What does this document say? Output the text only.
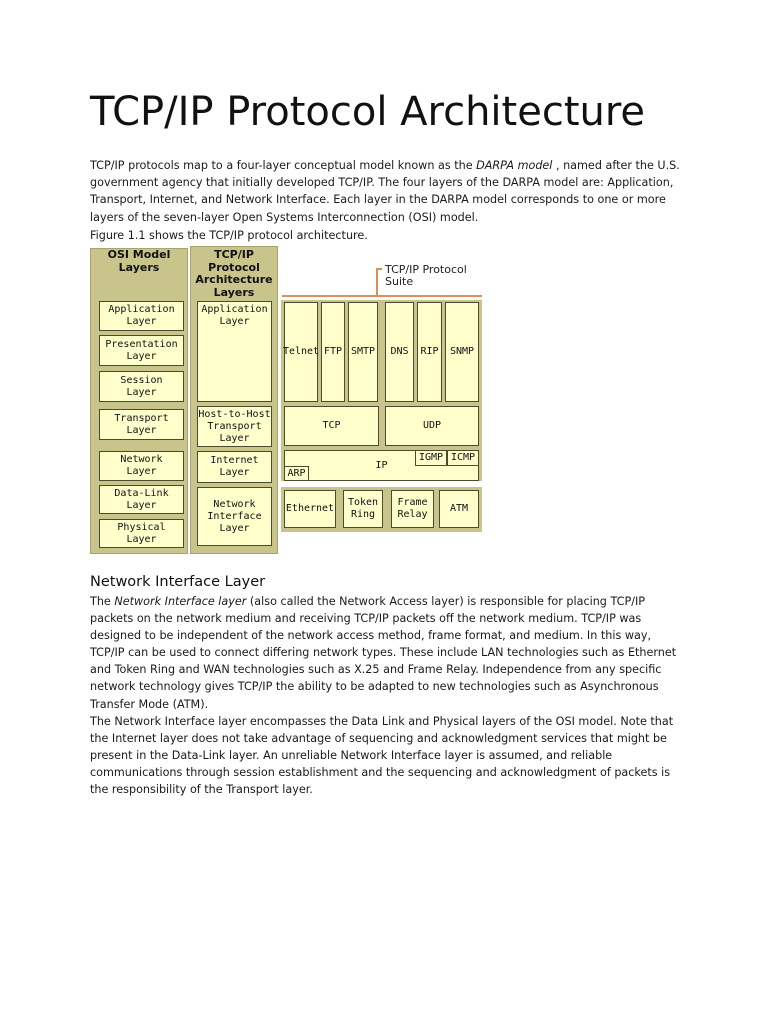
TCP/IP Protocol Architecture

TCP/IP protocols map to a four-layer conceptual model known as the DARPA model , named after the U.S. government agency that initially developed TCP/IP. The four layers of the DARPA model are: Application, Transport, Internet, and Network Interface. Each layer in the DARPA model corresponds to one or more layers of the seven-layer Open Systems Interconnection (OSI) model.

Figure 1.1 shows the TCP/IP protocol architecture.
OSI Model
Layers
Application
Layer
Presentation
Layer
Session
Layer
Transport
Layer
Network
Layer
Data-Link
Layer
Physical
Layer
TCP/IP
Protocol
Architecture
Layers
Application
Layer
Host-to-Host
Transport
Layer
Internet
Layer
Network
Interface
Layer
TCP/IP Protocol
Suite
Telnet FTP SMTP	DNS	RIP	SNMP
TCP	UDP
IP
IGMP ICMP
ARP
Ethernet
Token
Ring
Frame
Relay
ATM
Network Interface Layer

The Network Interface layer (also called the Network Access layer) is responsible for placing TCP/IP packets on the network medium and receiving TCP/IP packets off the network medium. TCP/IP was designed to be independent of the network access method, frame format, and medium. In this way, TCP/IP can be used to connect differing network types. These include LAN technologies such as Ethernet and Token Ring and WAN technologies such as X.25 and Frame Relay. Independence from any specific network technology gives TCP/IP the ability to be adapted to new technologies such as Asynchronous Transfer Mode (ATM).

The Network Interface layer encompasses the Data Link and Physical layers of the OSI model. Note that the Internet layer does not take advantage of sequencing and acknowledgment services that might be present in the Data-Link layer. An unreliable Network Interface layer is assumed, and reliable communications through session establishment and the sequencing and acknowledgment of packets is the responsibility of the Transport layer.
